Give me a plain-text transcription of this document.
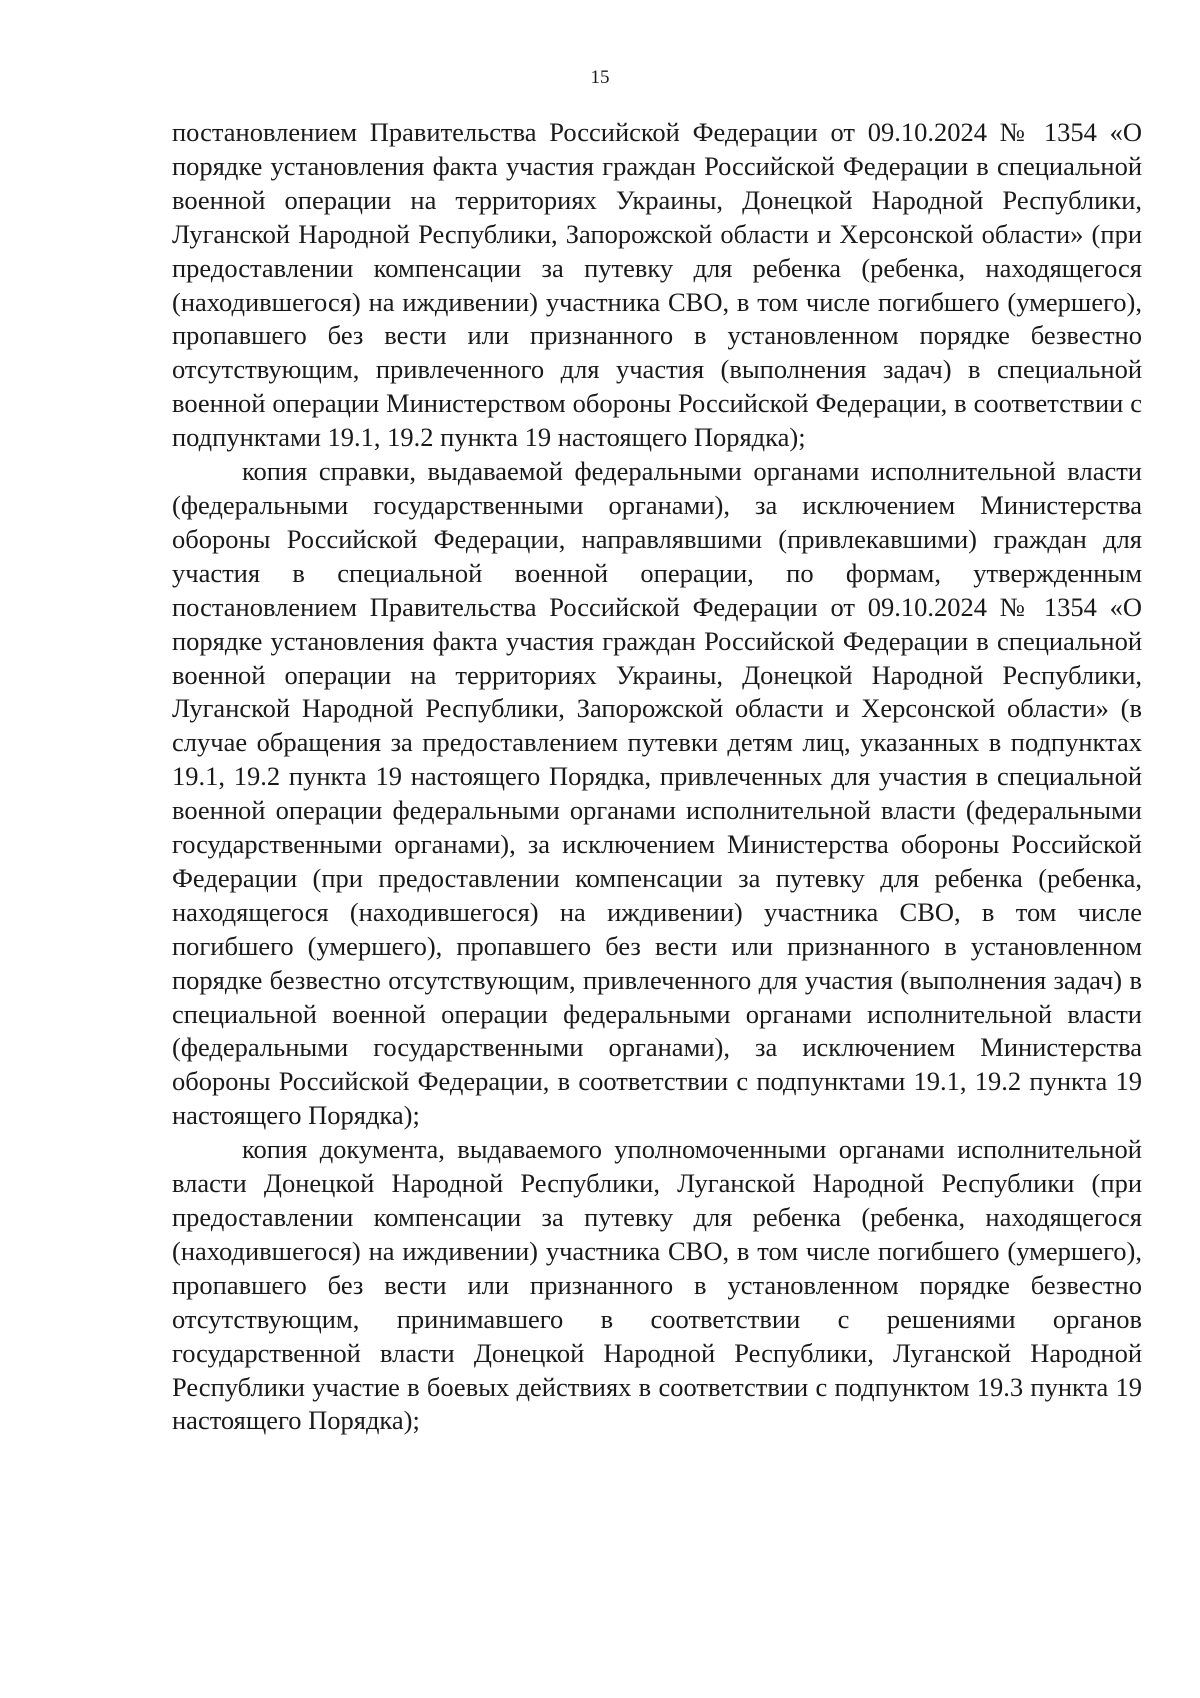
15

постановлением Правительства Российской Федерации от 09.10.2024 № 1354 «О порядке установления факта участия граждан Российской Федерации в специальной военной операции на территориях Украины, Донецкой Народной Республики, Луганской Народной Республики, Запорожской области и Херсонской области» (при предоставлении компенсации за путевку для ребенка (ребенка, находящегося (находившегося) на иждивении) участника СВО, в том числе погибшего (умершего), пропавшего без вести или признанного в установленном порядке безвестно отсутствующим, привлеченного для участия (выполнения задач) в специальной военной операции Министерством обороны Российской Федерации, в соответствии с подпунктами 19.1, 19.2 пункта 19 настоящего Порядка);

копия справки, выдаваемой федеральными органами исполнительной власти (федеральными государственными органами), за исключением Министерства обороны Российской Федерации, направлявшими (привлекавшими) граждан для участия в специальной военной операции, по формам, утвержденным постановлением Правительства Российской Федерации от 09.10.2024 № 1354 «О порядке установления факта участия граждан Российской Федерации в специальной военной операции на территориях Украины, Донецкой Народной Республики, Луганской Народной Республики, Запорожской области и Херсонской области» (в случае обращения за предоставлением путевки детям лиц, указанных в подпунктах 19.1, 19.2 пункта 19 настоящего Порядка, привлеченных для участия в специальной военной операции федеральными органами исполнительной власти (федеральными государственными органами), за исключением Министерства обороны Российской Федерации (при предоставлении компенсации за путевку для ребенка (ребенка, находящегося (находившегося) на иждивении) участника СВО, в том числе погибшего (умершего), пропавшего без вести или признанного в установленном порядке безвестно отсутствующим, привлеченного для участия (выполнения задач) в специальной военной операции федеральными органами исполнительной власти (федеральными государственными органами), за исключением Министерства обороны Российской Федерации, в соответствии с подпунктами 19.1, 19.2 пункта 19 настоящего Порядка);

копия документа, выдаваемого уполномоченными органами исполнительной власти Донецкой Народной Республики, Луганской Народной Республики (при предоставлении компенсации за путевку для ребенка (ребенка, находящегося (находившегося) на иждивении) участника СВО, в том числе погибшего (умершего), пропавшего без вести или признанного в установленном порядке безвестно отсутствующим, принимавшего в соответствии с решениями органов государственной власти Донецкой Народной Республики, Луганской Народной Республики участие в боевых действиях в соответствии с подпунктом 19.3 пункта 19 настоящего Порядка);
